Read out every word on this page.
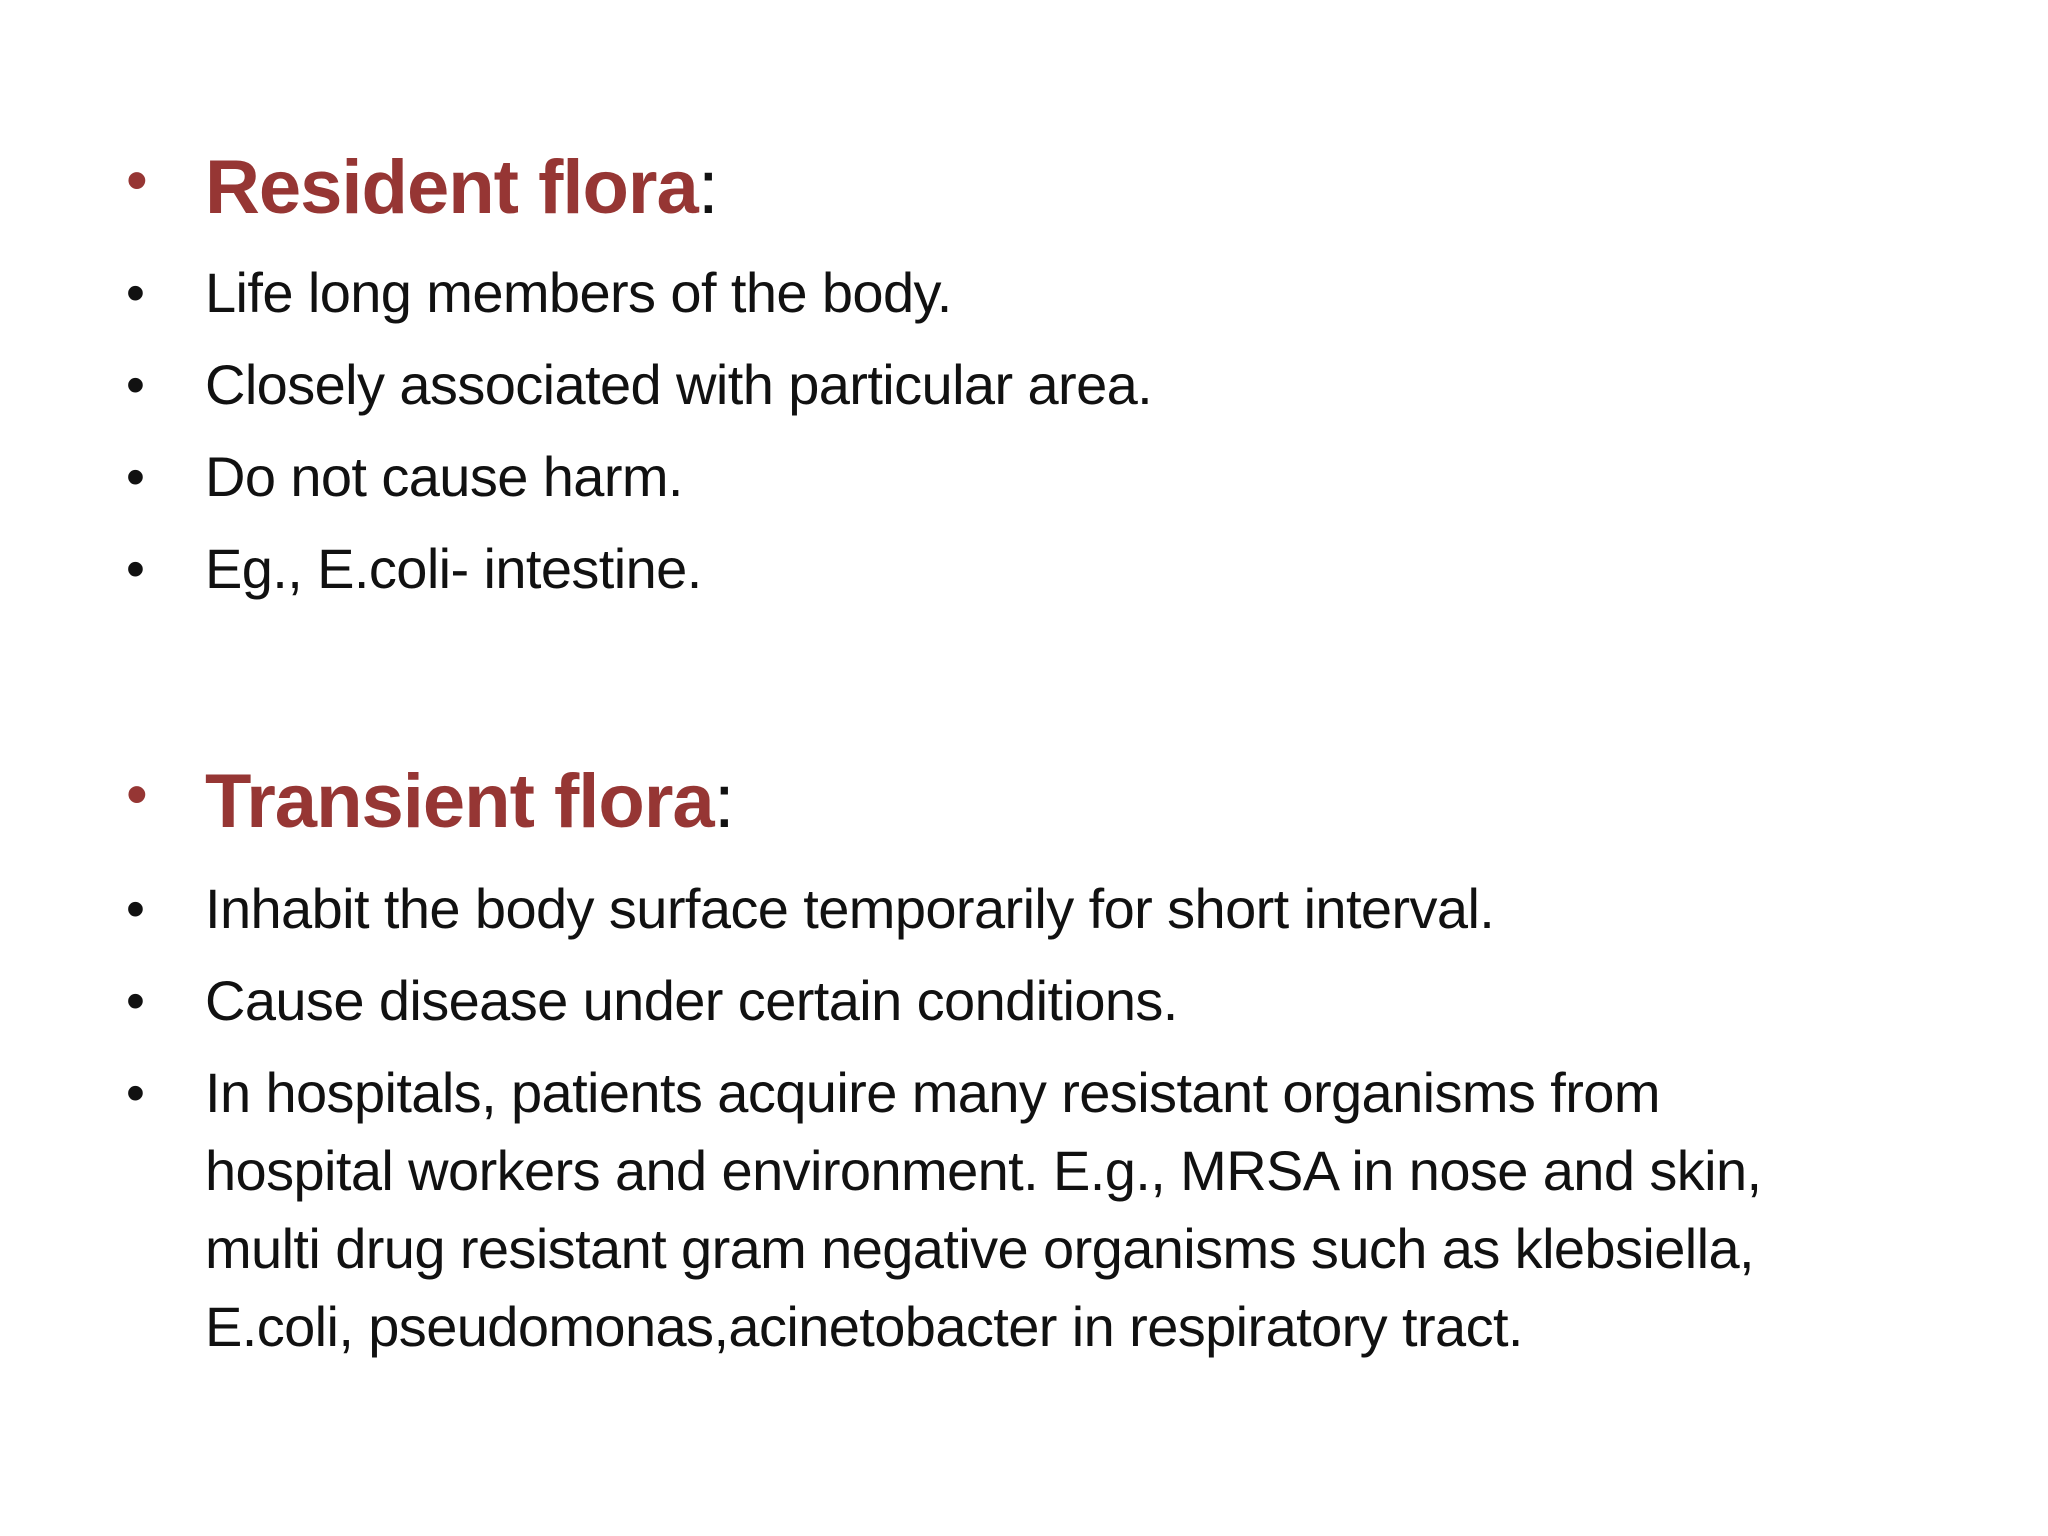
• Resident flora:
• Life long members of the body.
• Closely associated with particular area.
• Do not cause harm.
• Eg., E.coli- intestine.
• Transient flora:
• Inhabit the body surface temporarily for short interval.
• Cause disease under certain conditions.
• In hospitals, patients acquire many resistant organisms from
hospital workers and environment. E.g., MRSA in nose and skin,
multi drug resistant gram negative organisms such as klebsiella,
E.coli, pseudomonas,acinetobacter in respiratory tract.
